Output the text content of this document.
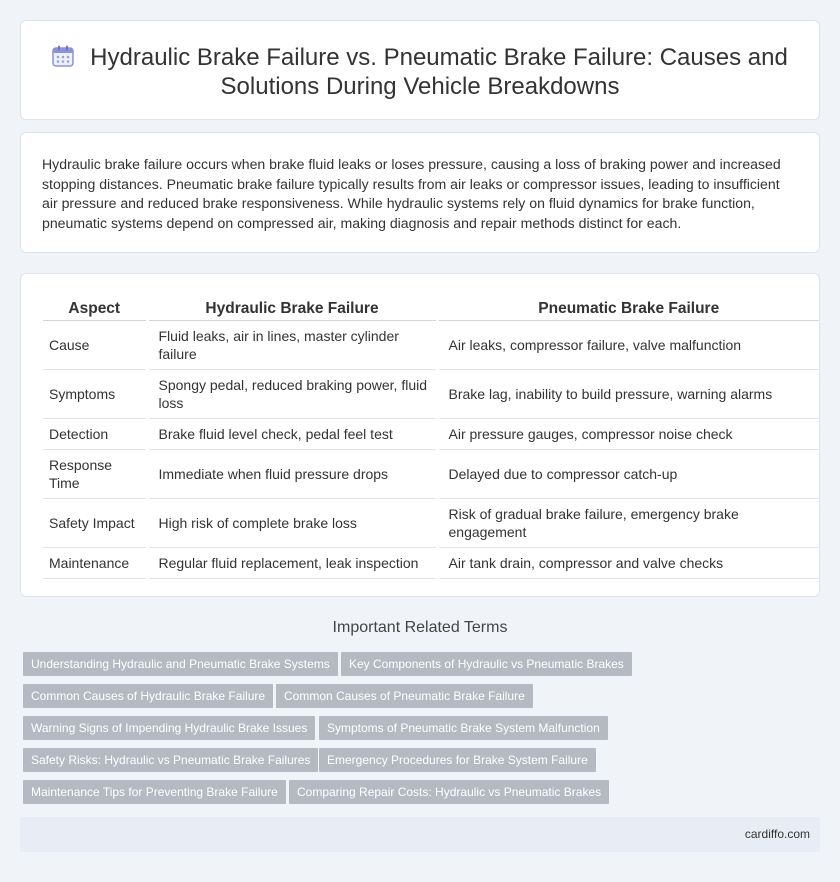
Hydraulic Brake Failure vs. Pneumatic Brake Failure: Causes and
Solutions During Vehicle Breakdowns

Hydraulic brake failure occurs when brake fluid leaks or loses pressure, causing a loss of braking power and increased stopping distances. Pneumatic brake failure typically results from air leaks or compressor issues, leading to insufficient air pressure and reduced brake responsiveness. While hydraulic systems rely on fluid dynamics for brake function, pneumatic systems depend on compressed air, making diagnosis and repair methods distinct for each.

Aspect	Hydraulic Brake Failure	Pneumatic Brake Failure
Cause	Fluid leaks, air in lines, master cylinder failure	Air leaks, compressor failure, valve malfunction
Symptoms	Spongy pedal, reduced braking power, fluid loss	Brake lag, inability to build pressure, warning alarms
Detection	Brake fluid level check, pedal feel test	Air pressure gauges, compressor noise check
Response Time	Immediate when fluid pressure drops	Delayed due to compressor catch-up
Safety Impact	High risk of complete brake loss	Risk of gradual brake failure, emergency brake engagement
Maintenance	Regular fluid replacement, leak inspection	Air tank drain, compressor and valve checks
Important Related Terms
Understanding Hydraulic and Pneumatic Brake Systems	Key Components of Hydraulic vs Pneumatic Brakes
Common Causes of Hydraulic Brake Failure	Common Causes of Pneumatic Brake Failure
Warning Signs of Impending Hydraulic Brake Issues	Symptoms of Pneumatic Brake System Malfunction
Safety Risks: Hydraulic vs Pneumatic Brake Failures	Emergency Procedures for Brake System Failure
Maintenance Tips for Preventing Brake Failure	Comparing Repair Costs: Hydraulic vs Pneumatic Brakes
cardiffo.com
